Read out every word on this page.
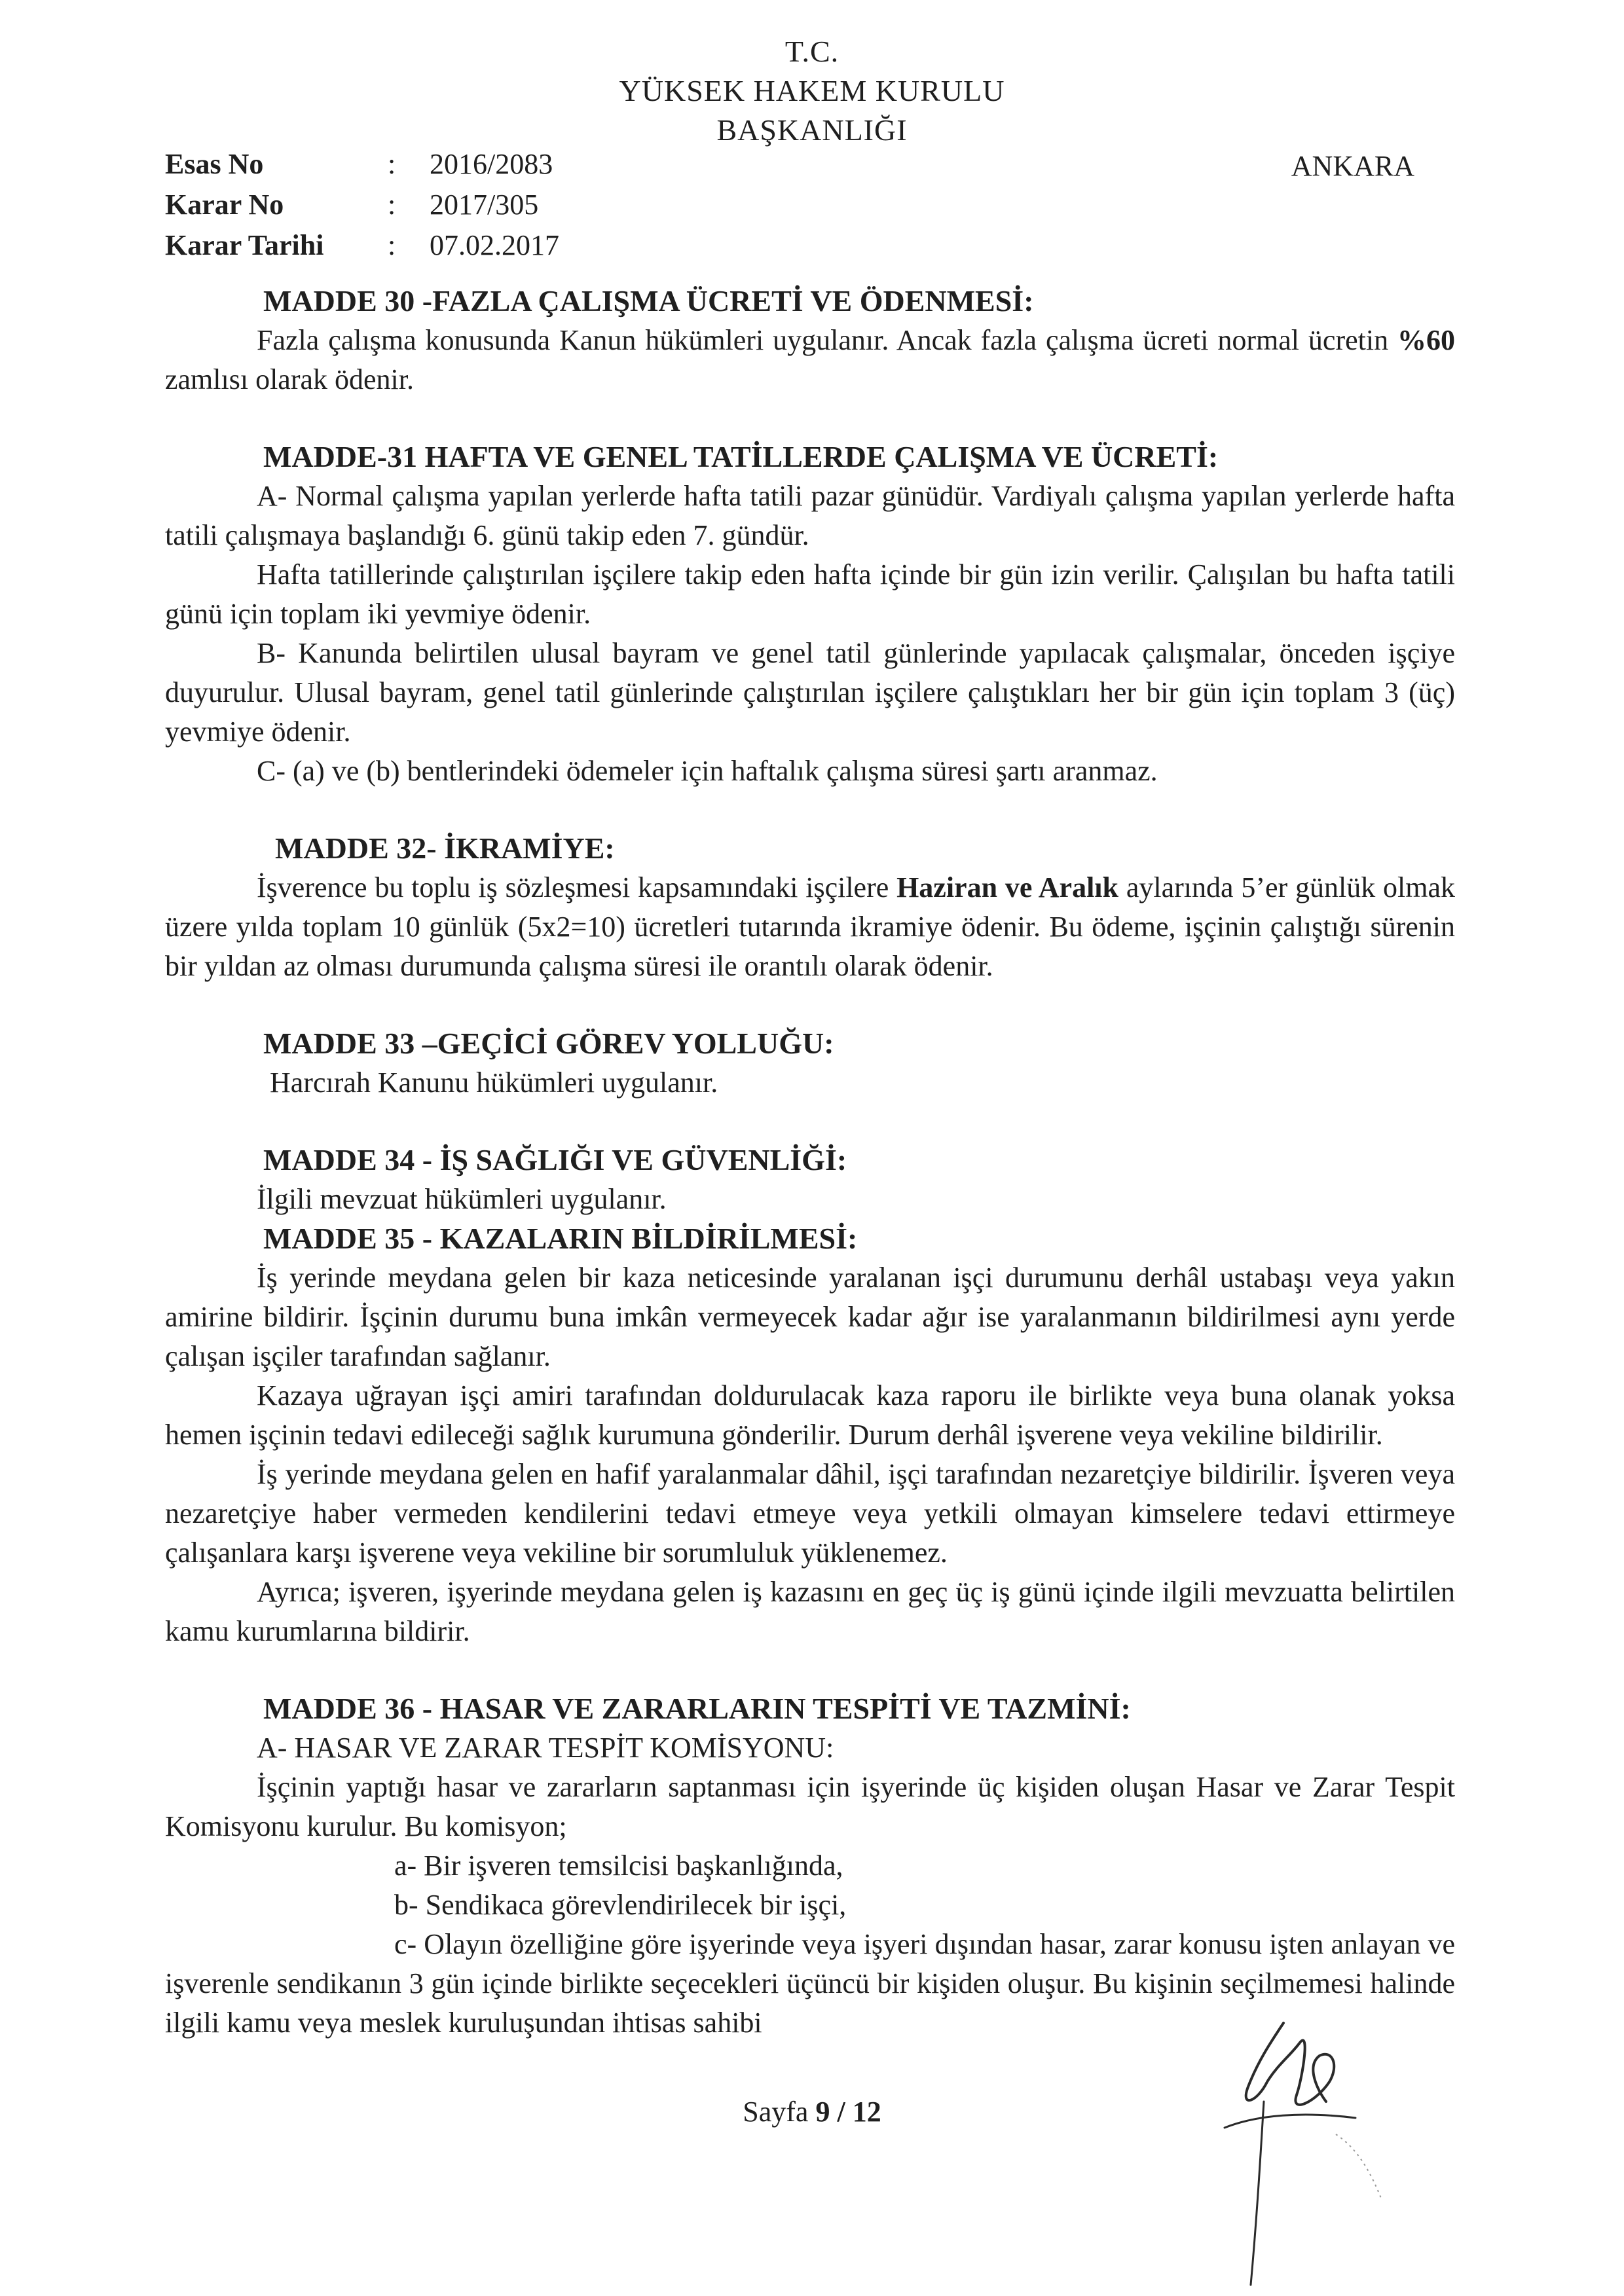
T.C.
YÜKSEK HAKEM KURULU
BAŞKANLIĞI
Esas No	:	2016/2083
Karar No	:	2017/305
Karar Tarihi	:	07.02.2017
ANKARA

MADDE 30 -FAZLA ÇALIŞMA ÜCRETİ VE ÖDENMESİ:

Fazla çalışma konusunda Kanun hükümleri uygulanır. Ancak fazla çalışma ücreti normal ücretin %60 zamlısı olarak ödenir.

MADDE-31 HAFTA VE GENEL TATİLLERDE ÇALIŞMA VE ÜCRETİ:

A- Normal çalışma yapılan yerlerde hafta tatili pazar günüdür. Vardiyalı çalışma yapılan yerlerde hafta tatili çalışmaya başlandığı 6. günü takip eden 7. gündür.

Hafta tatillerinde çalıştırılan işçilere takip eden hafta içinde bir gün izin verilir. Çalışılan bu hafta tatili günü için toplam iki yevmiye ödenir.

B- Kanunda belirtilen ulusal bayram ve genel tatil günlerinde yapılacak çalışmalar, önceden işçiye duyurulur. Ulusal bayram, genel tatil günlerinde çalıştırılan işçilere çalıştıkları her bir gün için toplam 3 (üç) yevmiye ödenir.

C- (a) ve (b) bentlerindeki ödemeler için haftalık çalışma süresi şartı aranmaz.

MADDE 32- İKRAMİYE:

İşverence bu toplu iş sözleşmesi kapsamındaki işçilere Haziran ve Aralık aylarında 5’er günlük olmak üzere yılda toplam 10 günlük (5x2=10) ücretleri tutarında ikramiye ödenir. Bu ödeme, işçinin çalıştığı sürenin bir yıldan az olması durumunda çalışma süresi ile orantılı olarak ödenir.

MADDE 33 –GEÇİCİ GÖREV YOLLUĞU:

Harcırah Kanunu hükümleri uygulanır.

MADDE 34 - İŞ SAĞLIĞI VE GÜVENLİĞİ:

İlgili mevzuat hükümleri uygulanır.

MADDE 35 - KAZALARIN BİLDİRİLMESİ:

İş yerinde meydana gelen bir kaza neticesinde yaralanan işçi durumunu derhâl ustabaşı veya yakın amirine bildirir. İşçinin durumu buna imkân vermeyecek kadar ağır ise yaralanmanın bildirilmesi aynı yerde çalışan işçiler tarafından sağlanır.

Kazaya uğrayan işçi amiri tarafından doldurulacak kaza raporu ile birlikte veya buna olanak yoksa hemen işçinin tedavi edileceği sağlık kurumuna gönderilir. Durum derhâl işverene veya vekiline bildirilir.

İş yerinde meydana gelen en hafif yaralanmalar dâhil, işçi tarafından nezaretçiye bildirilir. İşveren veya nezaretçiye haber vermeden kendilerini tedavi etmeye veya yetkili olmayan kimselere tedavi ettirmeye çalışanlara karşı işverene veya vekiline bir sorumluluk yüklenemez.

Ayrıca; işveren, işyerinde meydana gelen iş kazasını en geç üç iş günü içinde ilgili mevzuatta belirtilen kamu kurumlarına bildirir.

MADDE 36 - HASAR VE ZARARLARIN TESPİTİ VE TAZMİNİ:

A- HASAR VE ZARAR TESPİT KOMİSYONU:

İşçinin yaptığı hasar ve zararların saptanması için işyerinde üç kişiden oluşan Hasar ve Zarar Tespit Komisyonu kurulur. Bu komisyon;

a- Bir işveren temsilcisi başkanlığında,

b- Sendikaca görevlendirilecek bir işçi,

c- Olayın özelliğine göre işyerinde veya işyeri dışından hasar, zarar konusu işten anlayan ve işverenle sendikanın 3 gün içinde birlikte seçecekleri üçüncü bir kişiden oluşur. Bu kişinin seçilmemesi halinde ilgili kamu veya meslek kuruluşundan ihtisas sahibi

Sayfa 9 / 12
